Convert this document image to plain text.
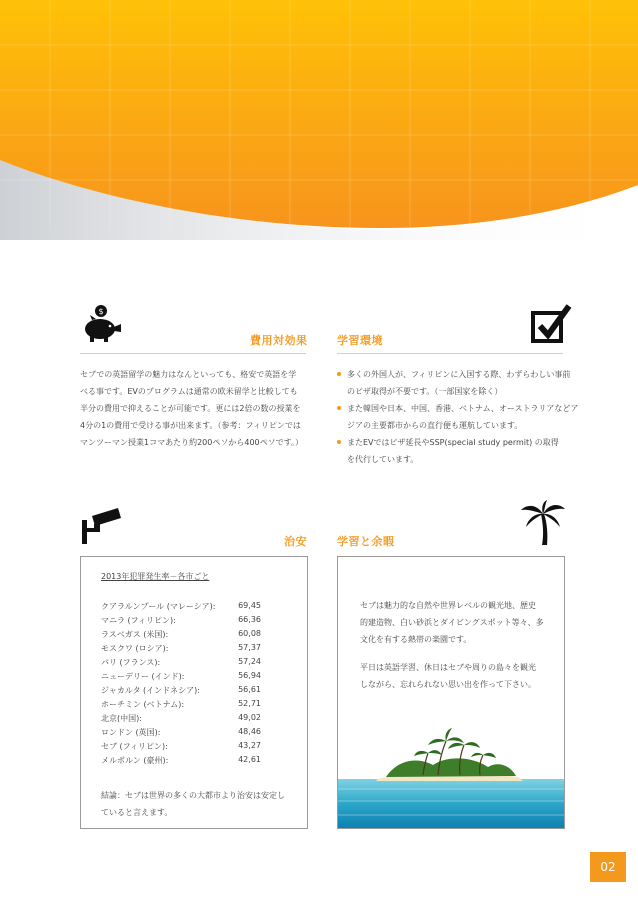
$
費用対効果
セブでの英語留学の魅力はなんといっても、格安で英語を学
べる事です。EVのプログラムは通常の欧米留学と比較しても
半分の費用で抑えることが可能です。更には2倍の数の授業を
4分の1の費用で受ける事が出来ます。（参考：フィリピンでは
マンツーマン授業1コマあたり約200ペソから400ペソです。）
学習環境
多くの外国人が、フィリピンに入国する際、わずらわしい事前
のビザ取得が不要です。（一部国家を除く）
また韓国や日本、中国、香港、ベトナム、オーストラリアなどア
ジアの主要都市からの直行便も運航しています。
またEVではビザ延長やSSP(special study permit) の取得
を代行しています。
治安
2013年犯罪発生率－各市ごと
クアラルンプール (マレーシア):	69,45
マニラ (フィリピン):	66,36
ラスベガス (米国):	60,08
モスクワ (ロシア):	57,37
パリ (フランス):	57,24
ニューデリー (インド):	56,94
ジャカルタ (インドネシア):	56,61
ホーチミン (ベトナム):	52,71
北京(中国):	49,02
ロンドン (英国):	48,46
セブ (フィリピン):	43,27
メルボルン (豪州):	42,61
結論：セブは世界の多くの大都市より治安は安定し
ていると言えます。
学習と余暇
セブは魅力的な自然や世界レベルの観光地、歴史
的建造物、白い砂浜とダイビングスポット等々、多
文化を有する熱帯の楽園です。
平日は英語学習、休日はセブや周りの島々を観光
しながら、忘れられない思い出を作って下さい。
02
